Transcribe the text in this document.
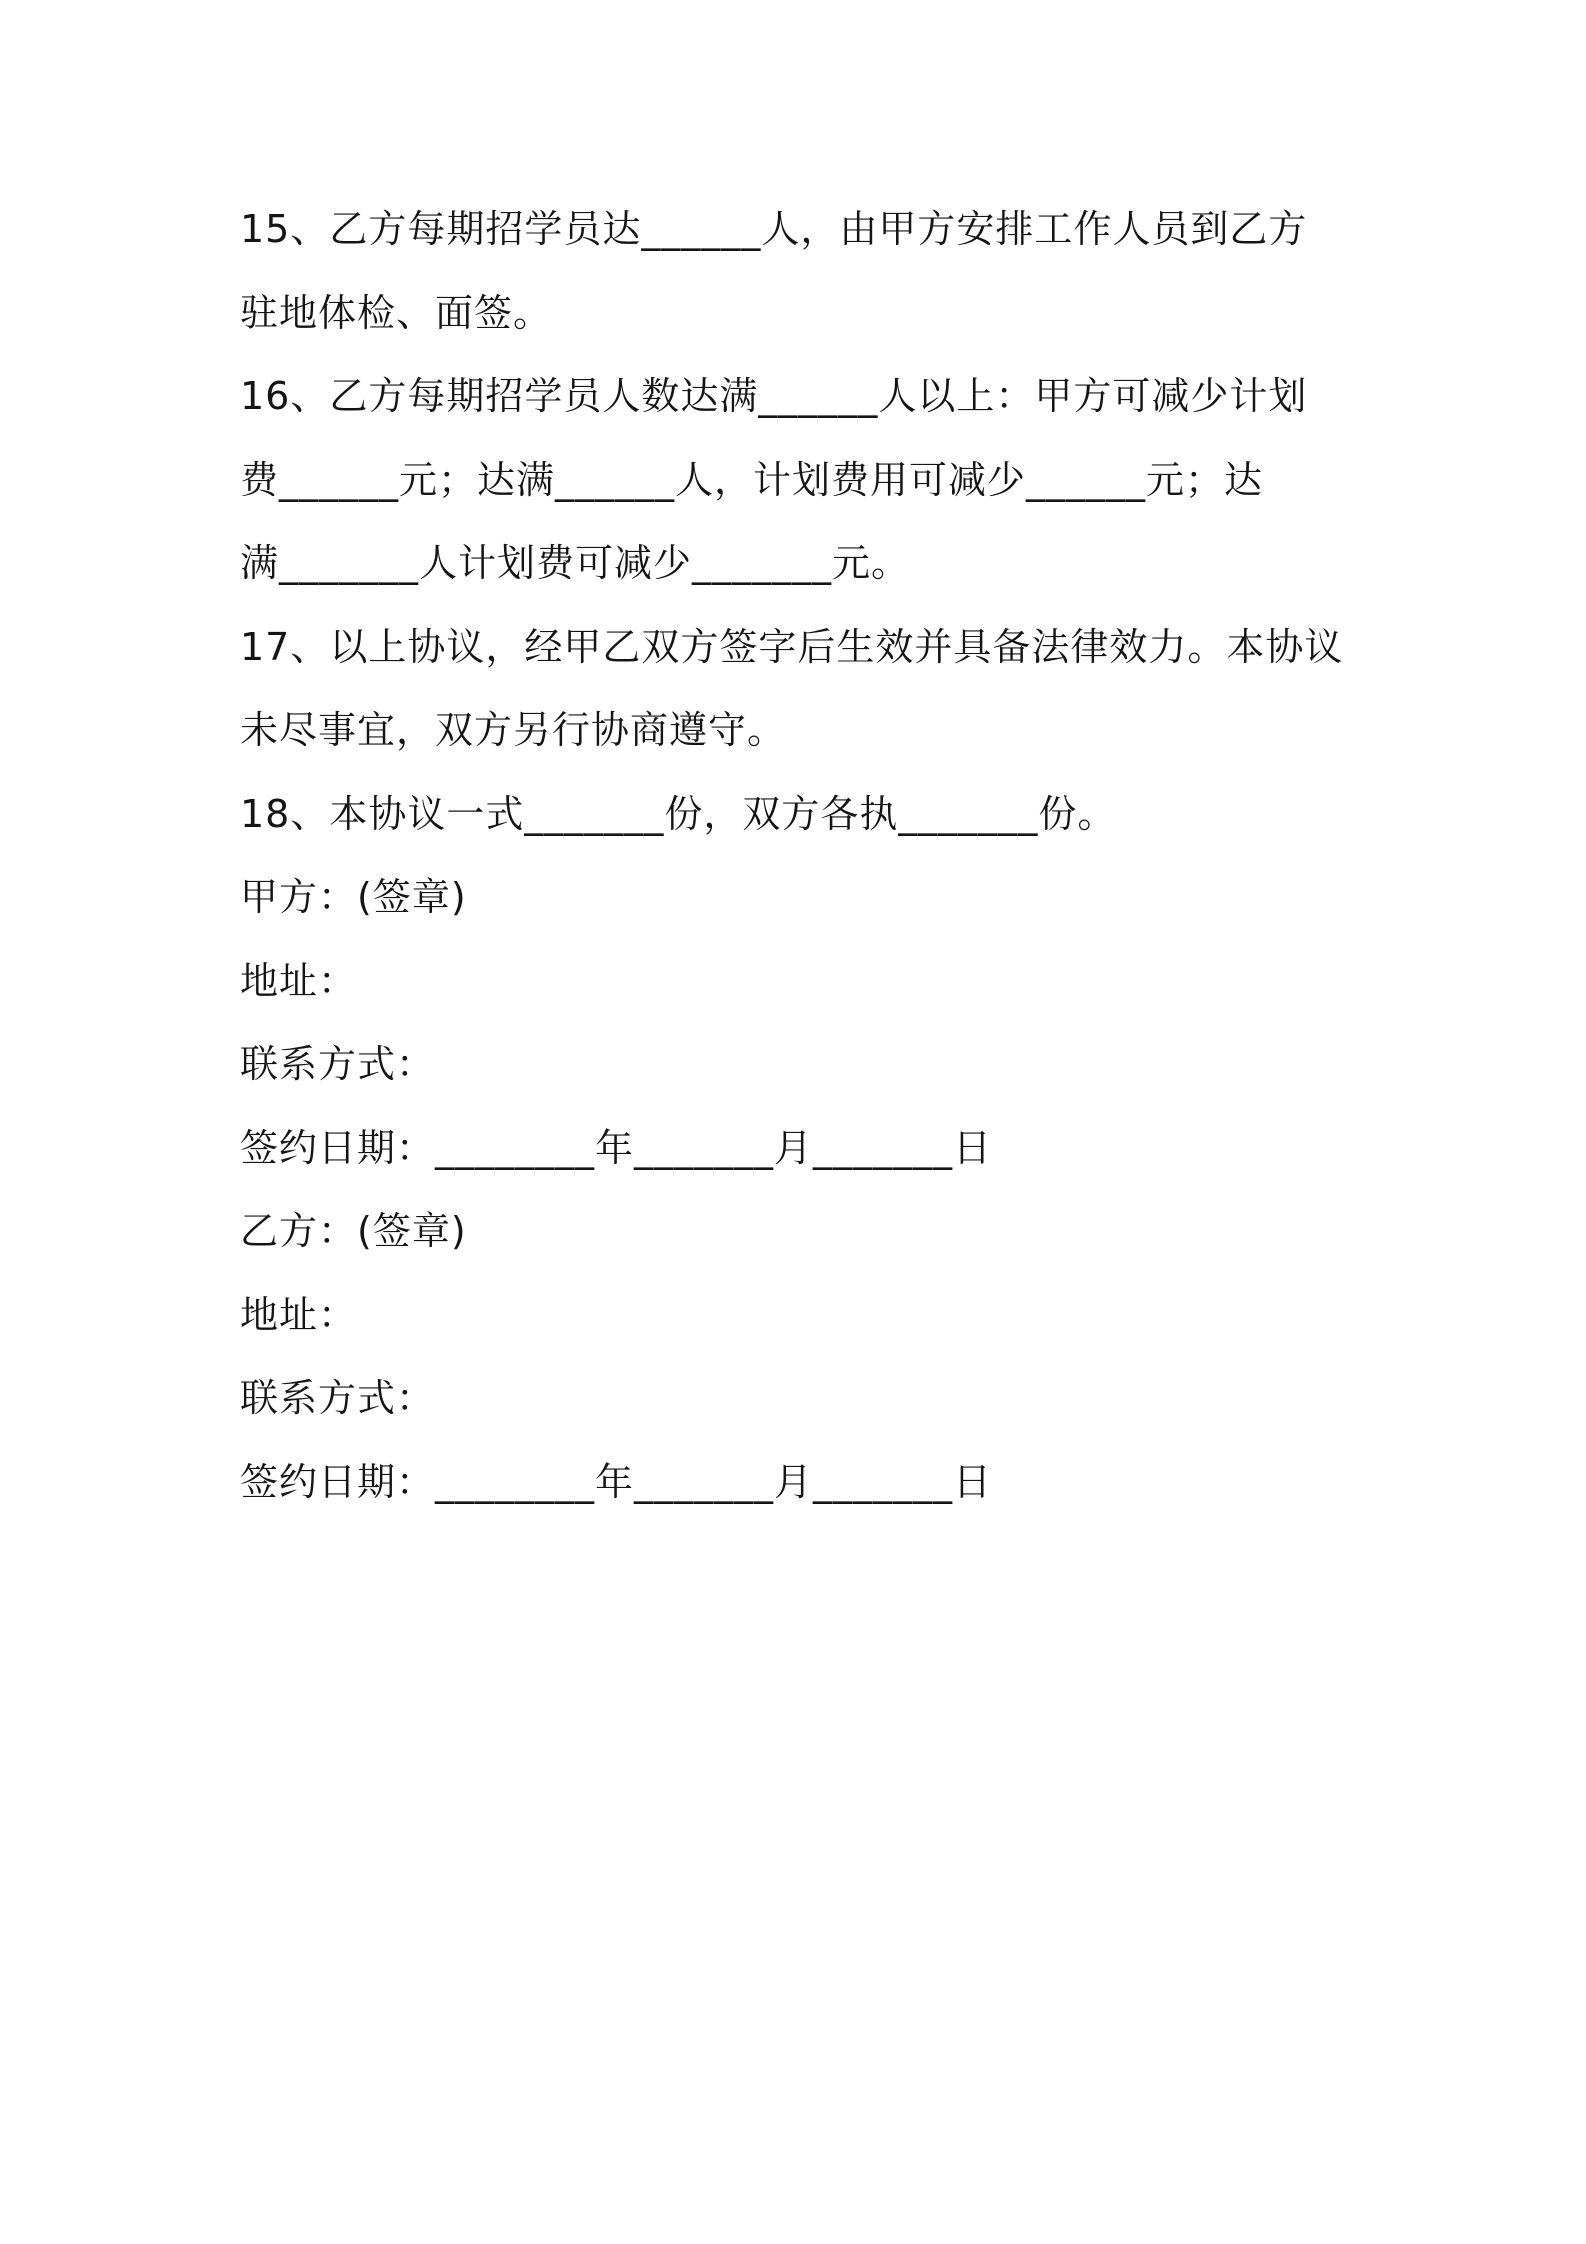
15、乙方每期招学员达______人，由甲方安排工作人员到乙方
驻地体检、面签。
16、乙方每期招学员人数达满______人以上：甲方可减少计划
费______元；达满______人，计划费用可减少______元；达
满_______人计划费可减少_______元。
17、以上协议，经甲乙双方签字后生效并具备法律效力。本协议
未尽事宜，双方另行协商遵守。
18、本协议一式_______份，双方各执_______份。
甲方：(签章)
地址：
联系方式：
签约日期：________年_______月_______日
乙方：(签章)
地址：
联系方式：
签约日期：________年_______月_______日
